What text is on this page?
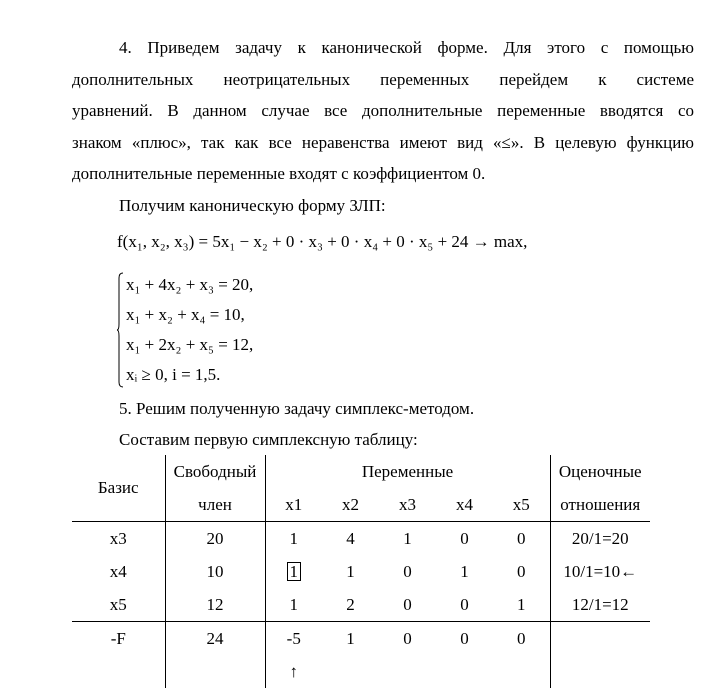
4. Приведем задачу к канонической форме. Для этого с помощью
дополнительных неотрицательных переменных перейдем к системе
уравнений. В данном случае все дополнительные переменные вводятся со
знаком «плюс», так как все неравенства имеют вид «≤». В целевую функцию
дополнительные переменные входят с коэффициентом 0.
Получим каноническую форму ЗЛП:
f(x₁, x₂, x₃) = 5x₁ − x₂ + 0 · x₃ + 0 · x₄ + 0 · x₅ + 24 → max,
x₁ + 4x₂ + x₃ = 20,
x₁ + x₂ + x₄ = 10,
x₁ + 2x₂ + x₅ = 12,
xᵢ ≥ 0, i = 1,5.
5. Решим полученную задачу симплекс-методом.
Составим первую симплексную таблицу:
Базис	Свободный	Переменные					Оценочные
	член	x1	x2	x3	x4	x5	отношения
x3	20	1	4	1	0	0	20/1=20
x4	10	1	1	0	1	0	10/1=10←
x5	12	1	2	0	0	1	12/1=12
-F	24	-5	1	0	0	0	
		↑					
